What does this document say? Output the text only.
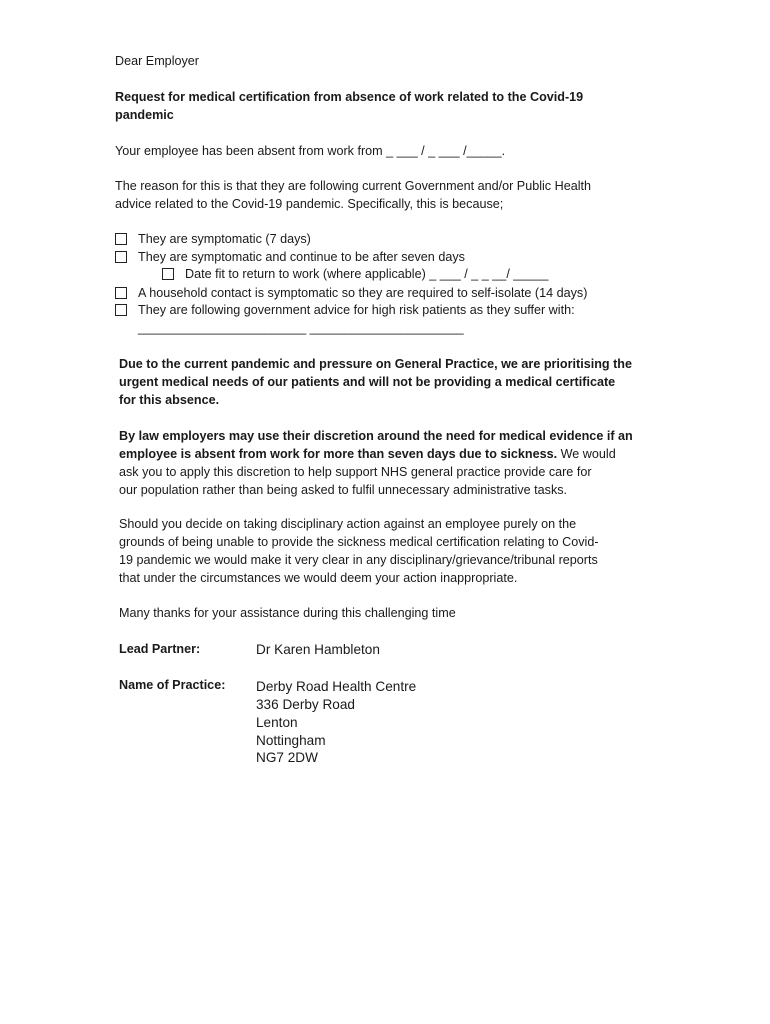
Dear Employer
Request for medical certification from absence of work related to the Covid-19
pandemic
Your employee has been absent from work from _ ___ / _ ___ /_____.
The reason for this is that they are following current Government and/or Public Health
advice related to the Covid-19 pandemic. Specifically, this is because;
They are symptomatic (7 days)
They are symptomatic and continue to be after seven days
Date fit to return to work (where applicable) _ ___ / _ _ __/ _____
A household contact is symptomatic so they are required to self-isolate (14 days)
They are following government advice for high risk patients as they suffer with:
________________________ ______________________
Due to the current pandemic and pressure on General Practice, we are prioritising the
urgent medical needs of our patients and will not be providing a medical certificate
for this absence.
By law employers may use their discretion around the need for medical evidence if an
employee is absent from work for more than seven days due to sickness. We would
ask you to apply this discretion to help support NHS general practice provide care for
our population rather than being asked to fulfil unnecessary administrative tasks.
Should you decide on taking disciplinary action against an employee purely on the
grounds of being unable to provide the sickness medical certification relating to Covid-
19 pandemic we would make it very clear in any disciplinary/grievance/tribunal reports
that under the circumstances we would deem your action inappropriate.
Many thanks for your assistance during this challenging time
Lead Partner:	Dr Karen Hambleton
Name of Practice: Derby Road Health Centre
336 Derby Road
Lenton
Nottingham
NG7 2DW
